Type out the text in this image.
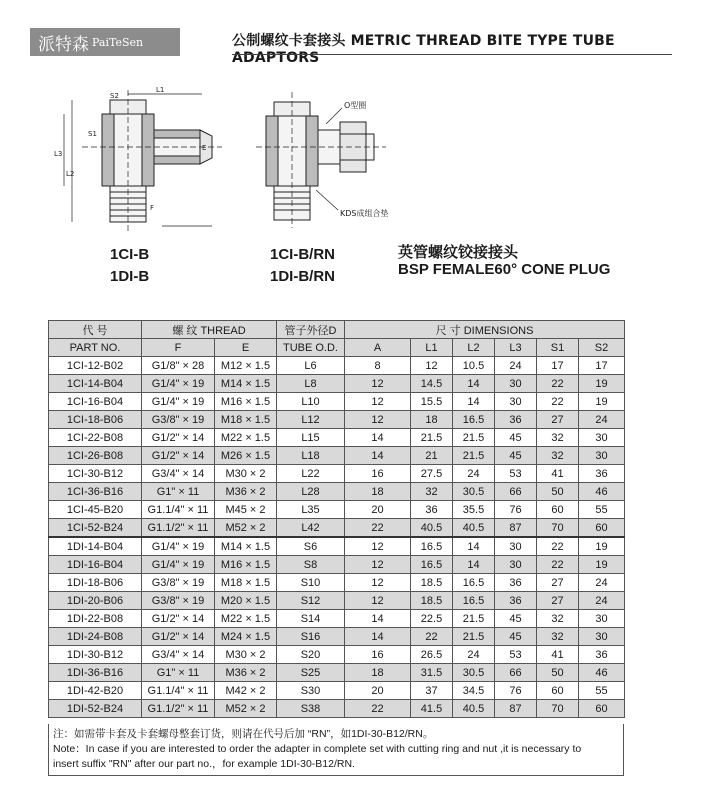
派特森 PaiTeSen	公制螺纹卡套接头 METRIC THREAD BITE TYPE TUBE ADAPTORS
S2
L1
S1
E
L3
L2
F
1CI-B
1DI-B
O型圈
KDS成组合垫
1CI-B/RN
1DI-B/RN
英管螺纹铰接接头
BSP FEMALE60° CONE PLUG
代 号	螺 纹 THREAD		管子外径D	尺 寸 DIMENSIONS					
PART NO.	F	E	TUBE O.D.	A	L1	L2	L3	S1	S2
1CI-12-B02	G1/8" × 28	M12 × 1.5	L6	8	12	10.5	24	17	17
1CI-14-B04	G1/4" × 19	M14 × 1.5	L8	12	14.5	14	30	22	19
1CI-16-B04	G1/4" × 19	M16 × 1.5	L10	12	15.5	14	30	22	19
1CI-18-B06	G3/8" × 19	M18 × 1.5	L12	12	18	16.5	36	27	24
1CI-22-B08	G1/2" × 14	M22 × 1.5	L15	14	21.5	21.5	45	32	30
1CI-26-B08	G1/2" × 14	M26 × 1.5	L18	14	21	21.5	45	32	30
1CI-30-B12	G3/4" × 14	M30 × 2	L22	16	27.5	24	53	41	36
1CI-36-B16	G1" × 11	M36 × 2	L28	18	32	30.5	66	50	46
1CI-45-B20	G1.1/4" × 11	M45 × 2	L35	20	36	35.5	76	60	55
1CI-52-B24	G1.1/2" × 11	M52 × 2	L42	22	40.5	40.5	87	70	60
1DI-14-B04	G1/4" × 19	M14 × 1.5	S6	12	16.5	14	30	22	19
1DI-16-B04	G1/4" × 19	M16 × 1.5	S8	12	16.5	14	30	22	19
1DI-18-B06	G3/8" × 19	M18 × 1.5	S10	12	18.5	16.5	36	27	24
1DI-20-B06	G3/8" × 19	M20 × 1.5	S12	12	18.5	16.5	36	27	24
1DI-22-B08	G1/2" × 14	M22 × 1.5	S14	14	22.5	21.5	45	32	30
1DI-24-B08	G1/2" × 14	M24 × 1.5	S16	14	22	21.5	45	32	30
1DI-30-B12	G3/4" × 14	M30 × 2	S20	16	26.5	24	53	41	36
1DI-36-B16	G1" × 11	M36 × 2	S25	18	31.5	30.5	66	50	46
1DI-42-B20	G1.1/4" × 11	M42 × 2	S30	20	37	34.5	76	60	55
1DI-52-B24	G1.1/2" × 11	M52 × 2	S38	22	41.5	40.5	87	70	60
注：如需带卡套及卡套螺母整套订货，则请在代号后加 “RN”，如1DI-30-B12/RN。
Note：In case if you are interested to order the adapter in complete set with cutting ring and nut ,it is necessary to
insert suffix "RN" after our part no.，for example 1DI-30-B12/RN.
